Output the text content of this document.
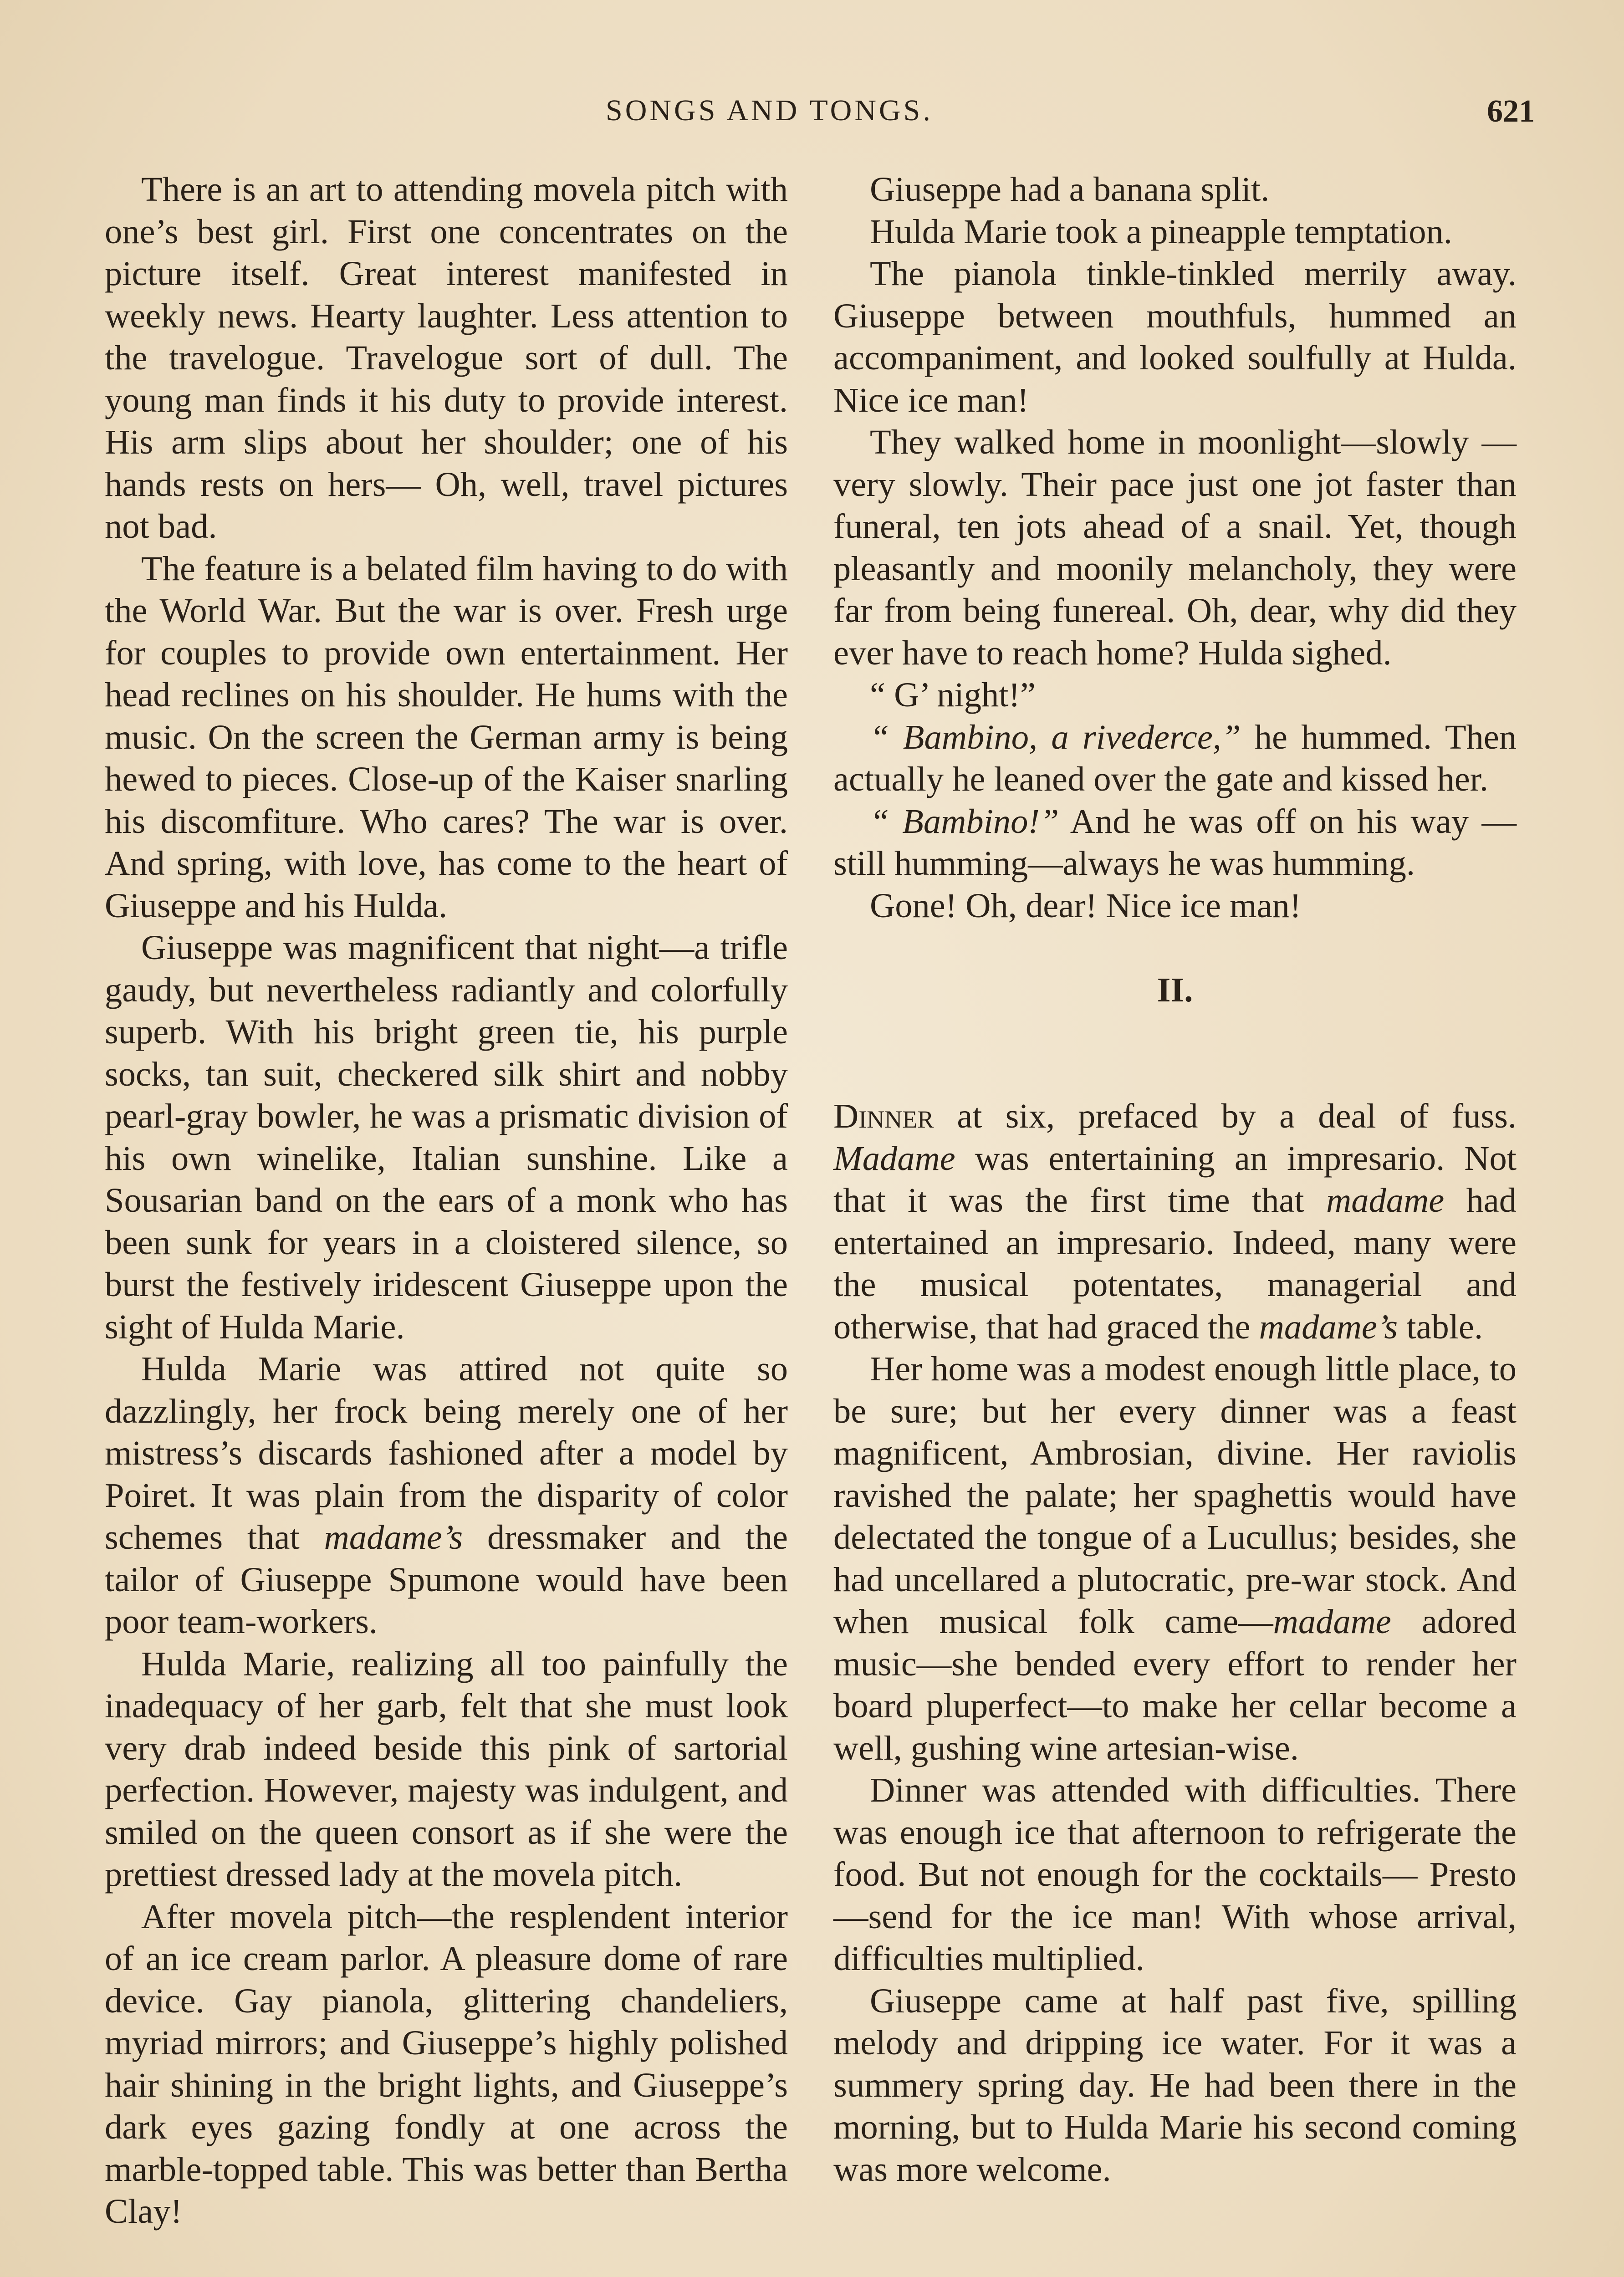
SONGS AND TONGS.	621

There is an art to attending movela pitch with one’s best girl. First one concentrates on the picture itself. Great interest manifested in weekly news. Hearty laughter. Less attention to the travelogue. Travelogue sort of dull. The young man finds it his duty to provide interest. His arm slips about her shoulder; one of his hands rests on hers— Oh, well, travel pictures not bad.

The feature is a belated film having to do with the World War. But the war is over. Fresh urge for couples to provide own entertainment. Her head reclines on his shoulder. He hums with the music. On the screen the German army is being hewed to pieces. Close-up of the Kaiser snarling his discomfiture. Who cares? The war is over. And spring, with love, has come to the heart of Giuseppe and his Hulda.

Giuseppe was magnificent that night—a trifle gaudy, but nevertheless radiantly and colorfully superb. With his bright green tie, his purple socks, tan suit, checkered silk shirt and nobby pearl-gray bowler, he was a prismatic division of his own winelike, Italian sunshine. Like a Sousarian band on the ears of a monk who has been sunk for years in a cloistered silence, so burst the festively iridescent Giuseppe upon the sight of Hulda Marie.

Hulda Marie was attired not quite so dazzlingly, her frock being merely one of her mistress’s discards fashioned after a model by Poiret. It was plain from the disparity of color schemes that madame’s dressmaker and the tailor of Giuseppe Spumone would have been poor team-workers.

Hulda Marie, realizing all too painfully the inadequacy of her garb, felt that she must look very drab indeed beside this pink of sartorial perfection. However, majesty was indulgent, and smiled on the queen consort as if she were the prettiest dressed lady at the movela pitch.

After movela pitch—the resplendent interior of an ice cream parlor. A pleasure dome of rare device. Gay pianola, glittering chandeliers, myriad mirrors; and Giuseppe’s highly polished hair shining in the bright lights, and Giuseppe’s dark eyes gazing fondly at one across the marble-topped table. This was better than Bertha Clay!

Giuseppe had a banana split.

Hulda Marie took a pineapple temptation.

The pianola tinkle-tinkled merrily away. Giuseppe between mouthfuls, hummed an accompaniment, and looked soulfully at Hulda. Nice ice man!

They walked home in moonlight—slowly —very slowly. Their pace just one jot faster than funeral, ten jots ahead of a snail. Yet, though pleasantly and moonily melancholy, they were far from being funereal. Oh, dear, why did they ever have to reach home? Hulda sighed.

“ G’ night!”

“ Bambino, a rivederce,” he hummed. Then actually he leaned over the gate and kissed her.

“ Bambino!” And he was off on his way —still humming—always he was humming.

Gone! Oh, dear! Nice ice man!

II.

Dinner at six, prefaced by a deal of fuss. Madame was entertaining an impresario. Not that it was the first time that madame had entertained an impresario. Indeed, many were the musical potentates, managerial and otherwise, that had graced the madame’s table.

Her home was a modest enough little place, to be sure; but her every dinner was a feast magnificent, Ambrosian, divine. Her raviolis ravished the palate; her spaghettis would have delectated the tongue of a Lucullus; besides, she had uncellared a plutocratic, pre-war stock. And when musical folk came—madame adored music—she bended every effort to render her board pluperfect—to make her cellar become a well, gushing wine artesian-wise.

Dinner was attended with difficulties. There was enough ice that afternoon to refrigerate the food. But not enough for the cocktails— Presto—send for the ice man! With whose arrival, difficulties multiplied.

Giuseppe came at half past five, spilling melody and dripping ice water. For it was a summery spring day. He had been there in the morning, but to Hulda Marie his second coming was more welcome.
